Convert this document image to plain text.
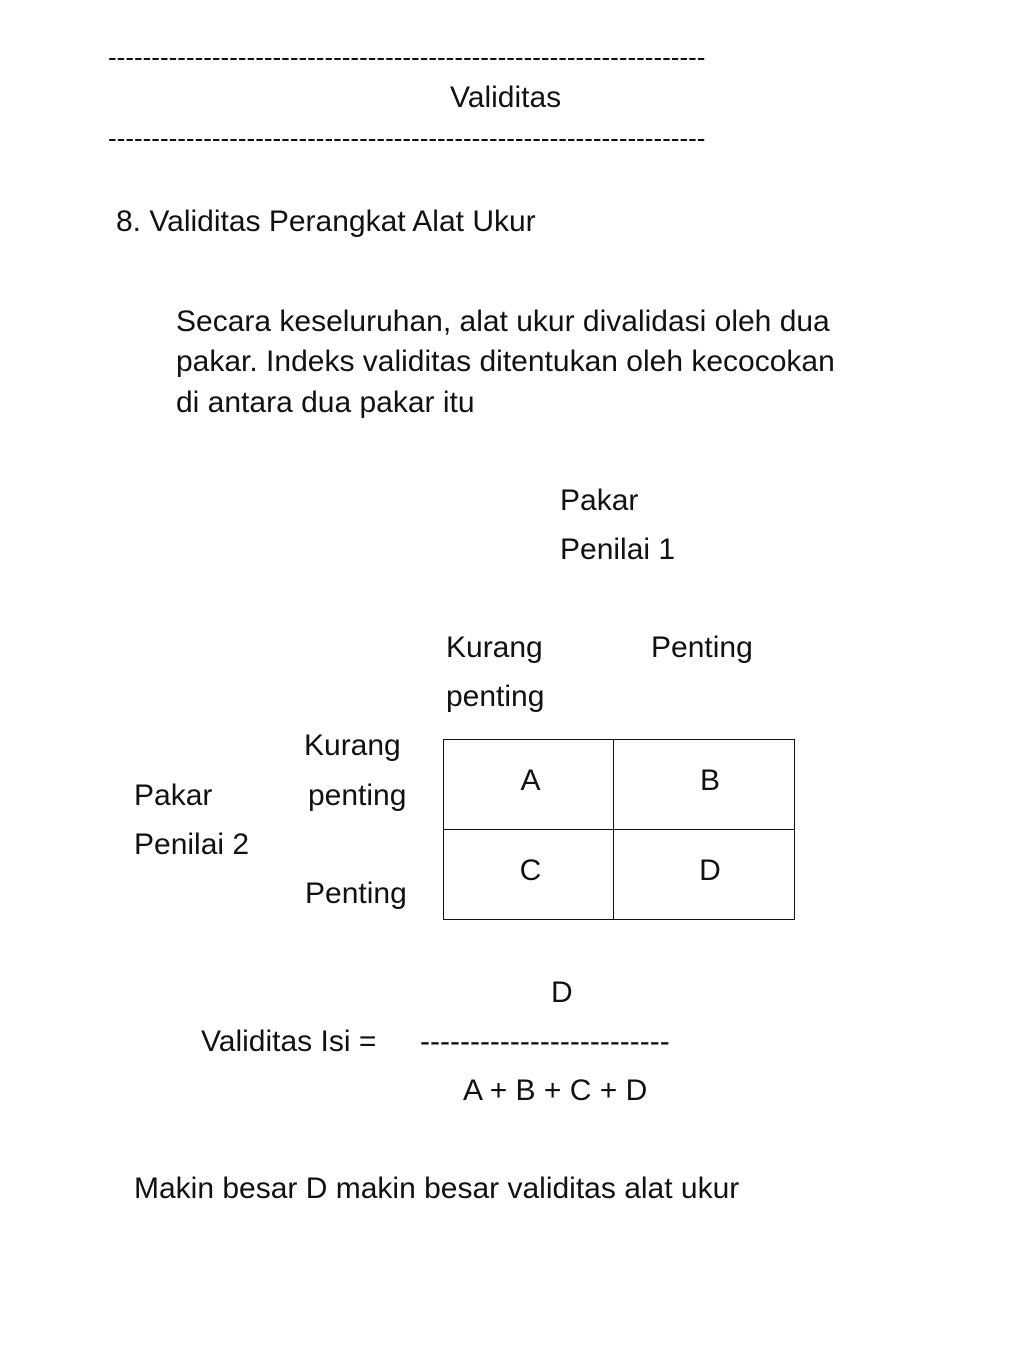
---------------------------------------------------------------------
Validitas
---------------------------------------------------------------------
8. Validitas Perangkat Alat Ukur
Secara keseluruhan, alat ukur divalidasi oleh dua
pakar. Indeks validitas ditentukan oleh kecocokan
di antara dua pakar itu
Pakar
Penilai 1
Kurang
penting
Penting
Kurang
penting
Penting
Pakar
Penilai 2
A	B
C	D
D
Validitas Isi = -------------------------
A + B + C + D
Makin besar D makin besar validitas alat ukur
